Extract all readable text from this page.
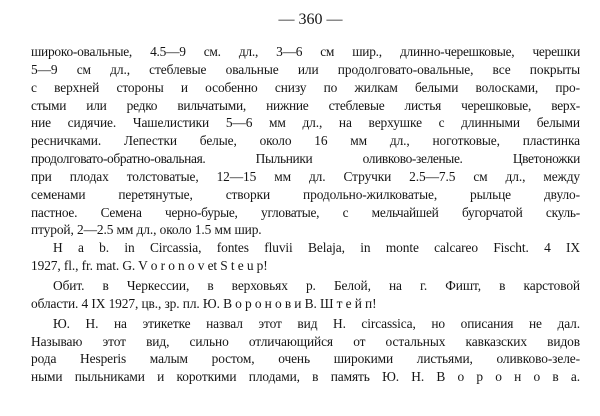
— 360 —
широко-овальные, 4.5—9 см. дл., 3—6 см шир., длинно-черешковые, черешки
5—9 см дл., стеблевые овальные или продолговато-овальные, все покрыты
с верхней стороны и особенно снизу по жилкам белыми волосками, про-
стыми или редко вильчатыми, нижние стеблевые листья черешковые, верх-
ние сидячие. Чашелистики 5—6 мм дл., на верхушке с длинными белыми
ресничками. Лепестки белые, около 16 мм дл., ноготковые, пластинка
продолговато-обратно-овальная. Пыльники оливково-зеленые. Цветоножки
при плодах толстоватые, 12—15 мм дл. Стручки 2.5—7.5 см дл., между
семенами перетянутые, створки продольно-жилковатые, рыльце двуло-
пастное. Семена черно-бурые, угловатые, с мельчайшей бугорчатой скуль-
птурой, 2—2.5 мм дл., около 1.5 мм шир.
H a b. in Circassia, fontes fluvii Belaja, in monte calcareo Fischt. 4 IX
1927, fl., fr. mat. G. V o r o n o v et S t e u p!
Обит. в Черкессии, в верховьях р. Белой, на г. Фишт, в карстовой
области. 4 IX 1927, цв., зр. пл. Ю. В о р о н о в и В. Ш т е й п!
Ю. Н. на этикетке назвал этот вид H. circassica, но описания не дал.
Называю этот вид, сильно отличающийся от остальных кавказских видов
рода Hesperis малым ростом, очень широкими листьями, оливково-зеле-
ными пыльниками и короткими плодами, в память Ю. Н. В о р о н о в а.
